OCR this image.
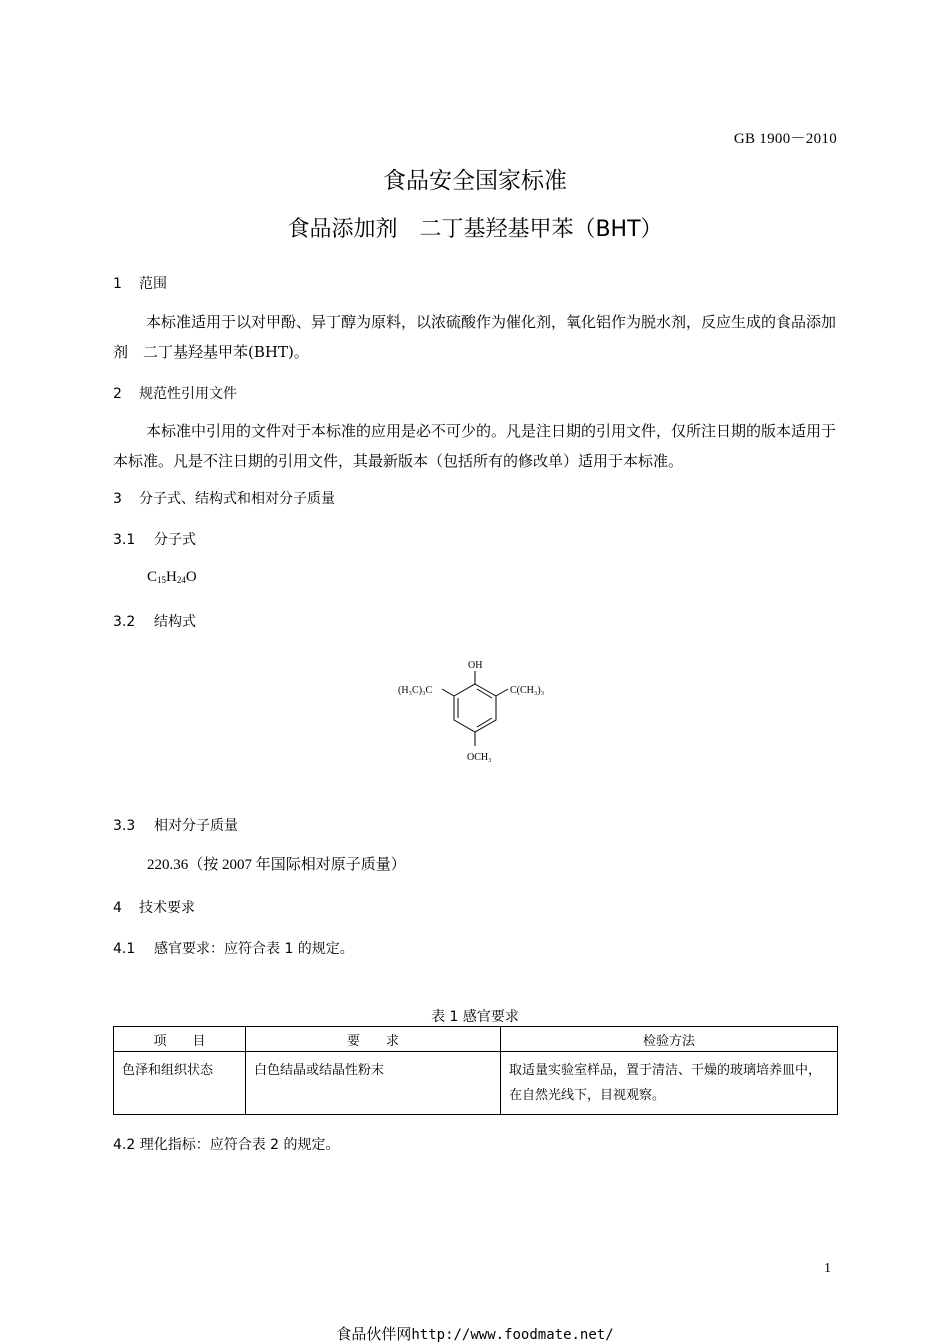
GB 1900－2010
食品安全国家标准
食品添加剂　二丁基羟基甲苯（BHT）
1 范围
本标准适用于以对甲酚、异丁醇为原料，以浓硫酸作为催化剂，氧化铝作为脱水剂，反应生成的食品添加剂　二丁基羟基甲苯(BHT)。
2 规范性引用文件
本标准中引用的文件对于本标准的应用是必不可少的。凡是注日期的引用文件，仅所注日期的版本适用于本标准。凡是不注日期的引用文件，其最新版本（包括所有的修改单）适用于本标准。
3 分子式、结构式和相对分子质量
3.1 分子式
$C_{15}H_{24}O$
3.2 结构式
OH
(H₃C)₃C	C(CH₃)₃
OCH₃
3.3 相对分子质量
220.36（按 2007 年国际相对原子质量）
4 技术要求
4.1 感官要求：应符合表 1 的规定。
表 1 感官要求
项　　目	要　　求	检验方法
色泽和组织状态	白色结晶或结晶性粉末	取适量实验室样品，置于清洁、干燥的玻璃培养皿中，在自然光线下，目视观察。
4.2 理化指标：应符合表 2 的规定。
1
食品伙伴网http://www.foodmate.net/
